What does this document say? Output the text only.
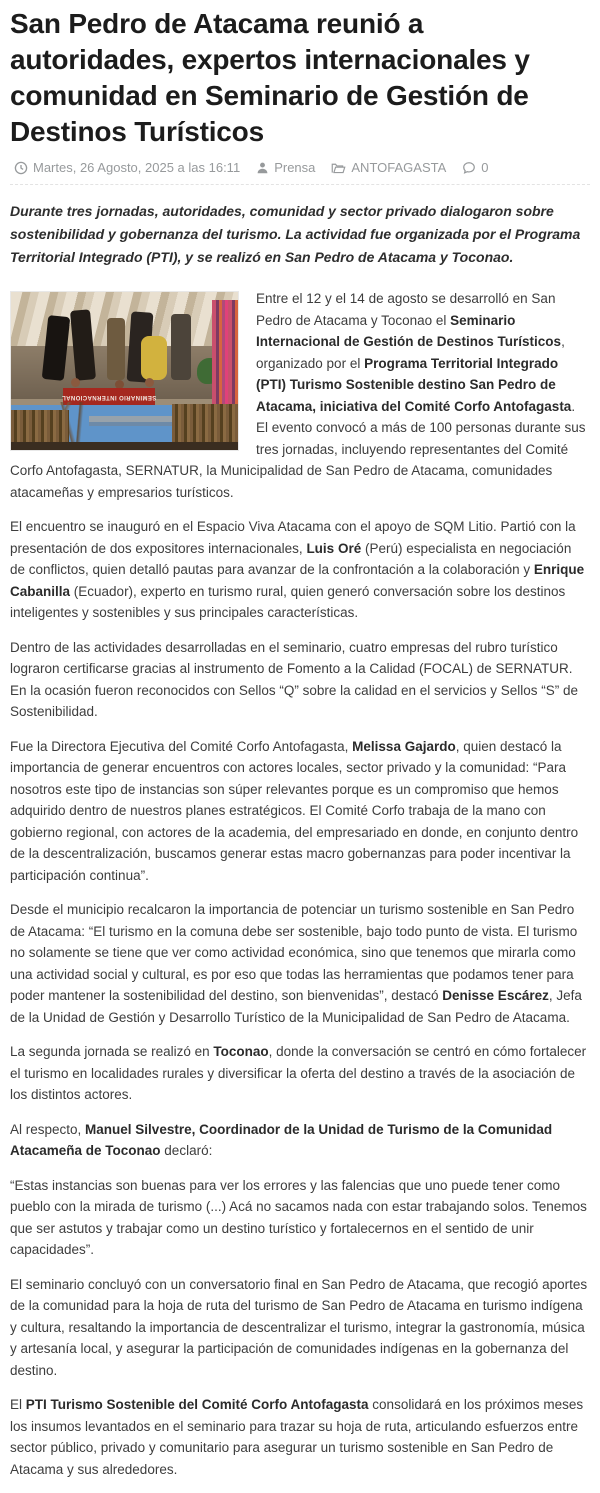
San Pedro de Atacama reunió a autoridades, expertos internacionales y comunidad en Seminario de Gestión de Destinos Turísticos
Martes, 26 Agosto, 2025 a las 16:11	Prensa	ANTOFAGASTA	0

Durante tres jornadas, autoridades, comunidad y sector privado dialogaron sobre sostenibilidad y gobernanza del turismo. La actividad fue organizada por el Programa Territorial Integrado (PTI), y se realizó en San Pedro de Atacama y Toconao.

SEMINARIO INTERNACIONAL

Entre el 12 y el 14 de agosto se desarrolló en San Pedro de Atacama y Toconao el Seminario Internacional de Gestión de Destinos Turísticos, organizado por el Programa Territorial Integrado (PTI) Turismo Sostenible destino San Pedro de Atacama, iniciativa del Comité Corfo Antofagasta. El evento convocó a más de 100 personas durante sus tres jornadas, incluyendo representantes del Comité Corfo Antofagasta, SERNATUR, la Municipalidad de San Pedro de Atacama, comunidades atacameñas y empresarios turísticos.

El encuentro se inauguró en el Espacio Viva Atacama con el apoyo de SQM Litio. Partió con la presentación de dos expositores internacionales, Luis Oré (Perú) especialista en negociación de conflictos, quien detalló pautas para avanzar de la confrontación a la colaboración y Enrique Cabanilla (Ecuador), experto en turismo rural, quien generó conversación sobre los destinos inteligentes y sostenibles y sus principales características.

Dentro de las actividades desarrolladas en el seminario, cuatro empresas del rubro turístico lograron certificarse gracias al instrumento de Fomento a la Calidad (FOCAL) de SERNATUR. En la ocasión fueron reconocidos con Sellos “Q” sobre la calidad en el servicios y Sellos “S” de Sostenibilidad.

Fue la Directora Ejecutiva del Comité Corfo Antofagasta, Melissa Gajardo, quien destacó la importancia de generar encuentros con actores locales, sector privado y la comunidad: “Para nosotros este tipo de instancias son súper relevantes porque es un compromiso que hemos adquirido dentro de nuestros planes estratégicos. El Comité Corfo trabaja de la mano con gobierno regional, con actores de la academia, del empresariado en donde, en conjunto dentro de la descentralización, buscamos generar estas macro gobernanzas para poder incentivar la participación continua”.

Desde el municipio recalcaron la importancia de potenciar un turismo sostenible en San Pedro de Atacama: “El turismo en la comuna debe ser sostenible, bajo todo punto de vista. El turismo no solamente se tiene que ver como actividad económica, sino que tenemos que mirarla como una actividad social y cultural, es por eso que todas las herramientas que podamos tener para poder mantener la sostenibilidad del destino, son bienvenidas”, destacó Denisse Escárez, Jefa de la Unidad de Gestión y Desarrollo Turístico de la Municipalidad de San Pedro de Atacama.

La segunda jornada se realizó en Toconao, donde la conversación se centró en cómo fortalecer el turismo en localidades rurales y diversificar la oferta del destino a través de la asociación de los distintos actores.

Al respecto, Manuel Silvestre, Coordinador de la Unidad de Turismo de la Comunidad Atacameña de Toconao declaró:

“Estas instancias son buenas para ver los errores y las falencias que uno puede tener como pueblo con la mirada de turismo (...) Acá no sacamos nada con estar trabajando solos. Tenemos que ser astutos y trabajar como un destino turístico y fortalecernos en el sentido de unir capacidades”.

El seminario concluyó con un conversatorio final en San Pedro de Atacama, que recogió aportes de la comunidad para la hoja de ruta del turismo de San Pedro de Atacama en turismo indígena y cultura, resaltando la importancia de descentralizar el turismo, integrar la gastronomía, música y artesanía local, y asegurar la participación de comunidades indígenas en la gobernanza del destino.

El PTI Turismo Sostenible del Comité Corfo Antofagasta consolidará en los próximos meses los insumos levantados en el seminario para trazar su hoja de ruta, articulando esfuerzos entre sector público, privado y comunitario para asegurar un turismo sostenible en San Pedro de Atacama y sus alrededores.
